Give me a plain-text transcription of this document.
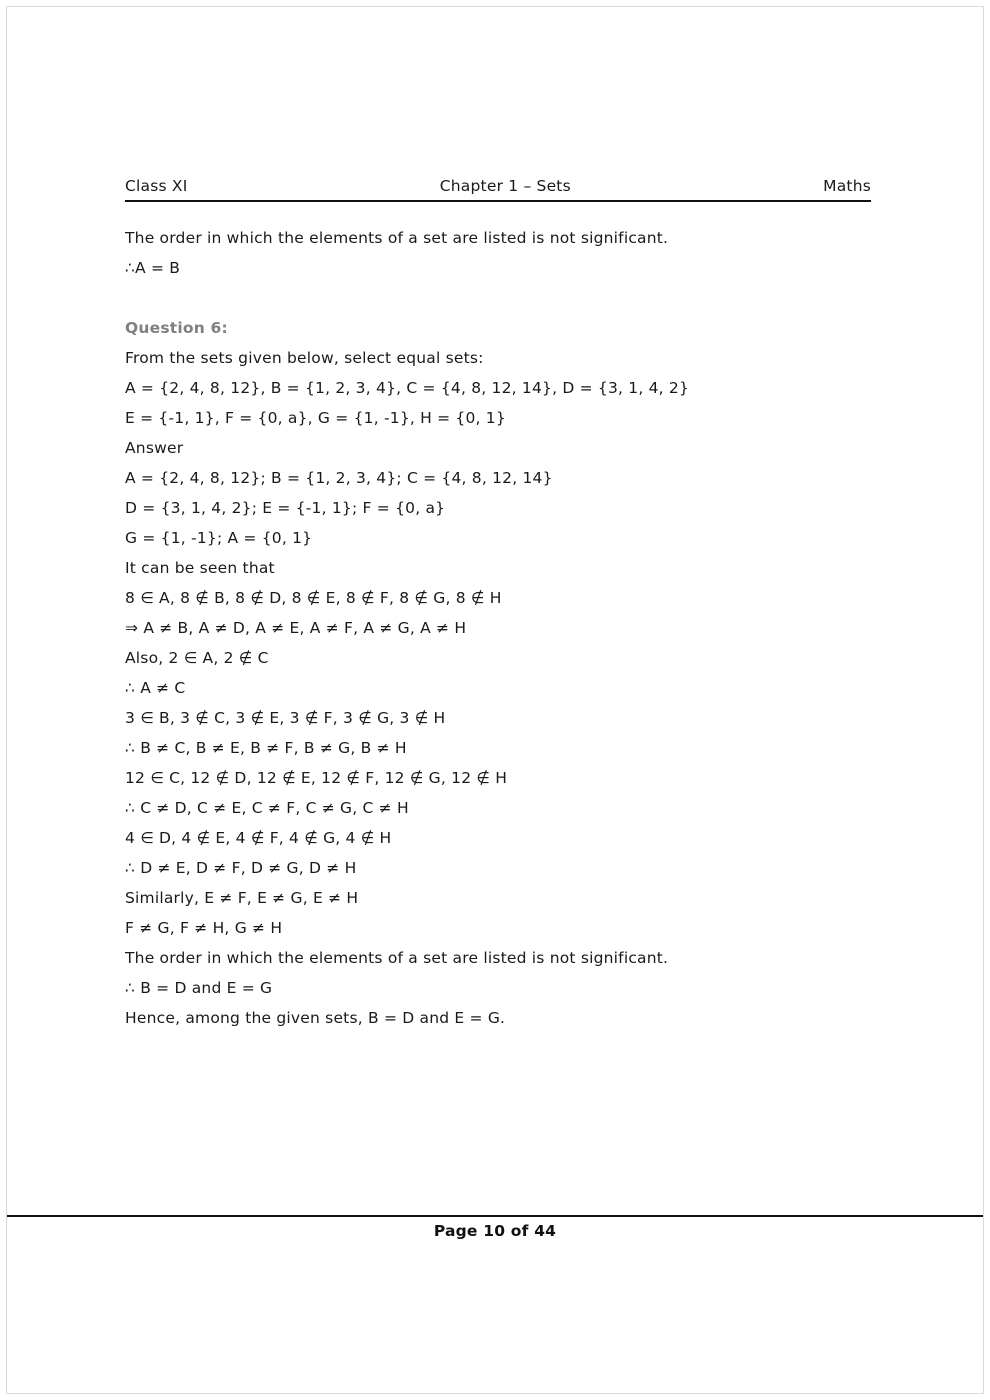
Class XI	Chapter 1 – Sets	Maths

The order in which the elements of a set are listed is not significant.

∴A = B

Question 6:

From the sets given below, select equal sets:

A = {2, 4, 8, 12}, B = {1, 2, 3, 4}, C = {4, 8, 12, 14}, D = {3, 1, 4, 2}

E = {-1, 1}, F = {0, a}, G = {1, -1}, H = {0, 1}

Answer

A = {2, 4, 8, 12}; B = {1, 2, 3, 4}; C = {4, 8, 12, 14}

D = {3, 1, 4, 2}; E = {-1, 1}; F = {0, a}

G = {1, -1}; A = {0, 1}

It can be seen that

8 ∈ A, 8 ∉ B, 8 ∉ D, 8 ∉ E, 8 ∉ F, 8 ∉ G, 8 ∉ H

⇒ A ≠ B, A ≠ D, A ≠ E, A ≠ F, A ≠ G, A ≠ H

Also, 2 ∈ A, 2 ∉ C

∴ A ≠ C

3 ∈ B, 3 ∉ C, 3 ∉ E, 3 ∉ F, 3 ∉ G, 3 ∉ H

∴ B ≠ C, B ≠ E, B ≠ F, B ≠ G, B ≠ H

12 ∈ C, 12 ∉ D, 12 ∉ E, 12 ∉ F, 12 ∉ G, 12 ∉ H

∴ C ≠ D, C ≠ E, C ≠ F, C ≠ G, C ≠ H

4 ∈ D, 4 ∉ E, 4 ∉ F, 4 ∉ G, 4 ∉ H

∴ D ≠ E, D ≠ F, D ≠ G, D ≠ H

Similarly, E ≠ F, E ≠ G, E ≠ H

F ≠ G, F ≠ H, G ≠ H

The order in which the elements of a set are listed is not significant.

∴ B = D and E = G

Hence, among the given sets, B = D and E = G.

Page 10 of 44
